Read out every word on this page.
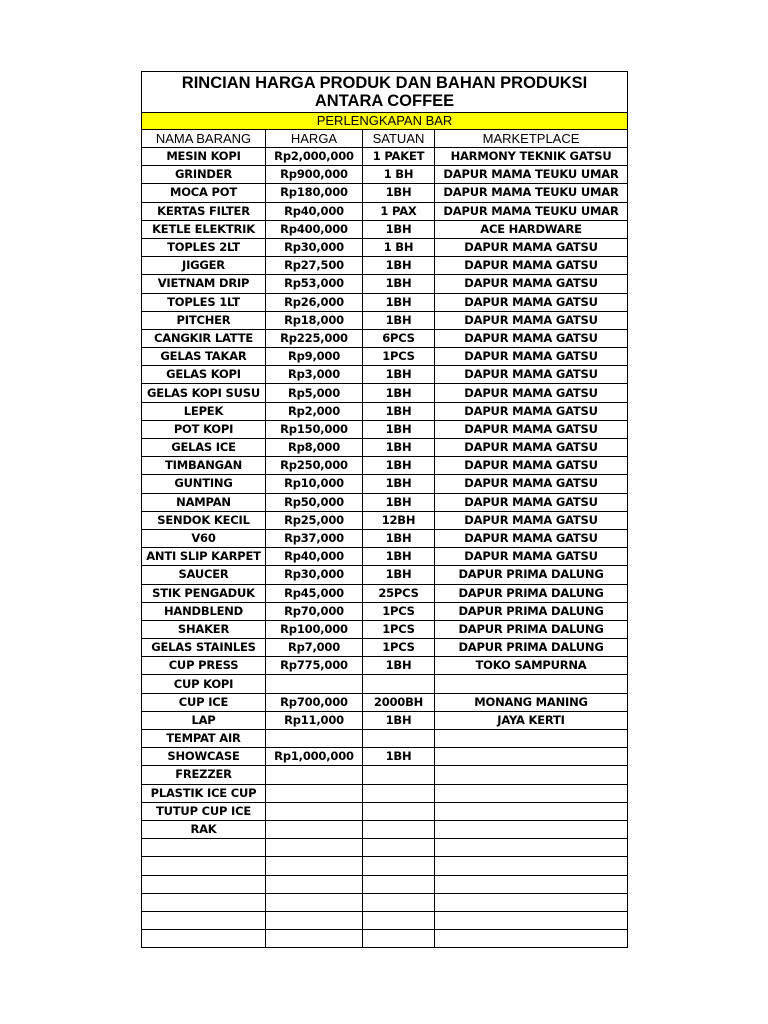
RINCIAN HARGA PRODUK DAN BAHAN PRODUKSI
ANTARA COFFEE			

PERLENGKAPAN BAR			
NAMA BARANG	HARGA	SATUAN	MARKETPLACE
MESIN KOPI	Rp2,000,000	1 PAKET	HARMONY TEKNIK GATSU
GRINDER	Rp900,000	1 BH	DAPUR MAMA TEUKU UMAR
MOCA POT	Rp180,000	1BH	DAPUR MAMA TEUKU UMAR
KERTAS FILTER	Rp40,000	1 PAX	DAPUR MAMA TEUKU UMAR
KETLE ELEKTRIK	Rp400,000	1BH	ACE HARDWARE
TOPLES 2LT	Rp30,000	1 BH	DAPUR MAMA GATSU
JIGGER	Rp27,500	1BH	DAPUR MAMA GATSU
VIETNAM DRIP	Rp53,000	1BH	DAPUR MAMA GATSU
TOPLES 1LT	Rp26,000	1BH	DAPUR MAMA GATSU
PITCHER	Rp18,000	1BH	DAPUR MAMA GATSU
CANGKIR LATTE	Rp225,000	6PCS	DAPUR MAMA GATSU
GELAS TAKAR	Rp9,000	1PCS	DAPUR MAMA GATSU
GELAS KOPI	Rp3,000	1BH	DAPUR MAMA GATSU
GELAS KOPI SUSU	Rp5,000	1BH	DAPUR MAMA GATSU
LEPEK	Rp2,000	1BH	DAPUR MAMA GATSU
POT KOPI	Rp150,000	1BH	DAPUR MAMA GATSU
GELAS ICE	Rp8,000	1BH	DAPUR MAMA GATSU
TIMBANGAN	Rp250,000	1BH	DAPUR MAMA GATSU
GUNTING	Rp10,000	1BH	DAPUR MAMA GATSU
NAMPAN	Rp50,000	1BH	DAPUR MAMA GATSU
SENDOK KECIL	Rp25,000	12BH	DAPUR MAMA GATSU
V60	Rp37,000	1BH	DAPUR MAMA GATSU
ANTI SLIP KARPET	Rp40,000	1BH	DAPUR MAMA GATSU
SAUCER	Rp30,000	1BH	DAPUR PRIMA DALUNG
STIK PENGADUK	Rp45,000	25PCS	DAPUR PRIMA DALUNG
HANDBLEND	Rp70,000	1PCS	DAPUR PRIMA DALUNG
SHAKER	Rp100,000	1PCS	DAPUR PRIMA DALUNG
GELAS STAINLES	Rp7,000	1PCS	DAPUR PRIMA DALUNG
CUP PRESS	Rp775,000	1BH	TOKO SAMPURNA
CUP KOPI			
CUP ICE	Rp700,000	2000BH	MONANG MANING
LAP	Rp11,000	1BH	JAYA KERTI
TEMPAT AIR			
SHOWCASE	Rp1,000,000	1BH	
FREZZER			
PLASTIK ICE CUP			
TUTUP CUP ICE			
RAK			
